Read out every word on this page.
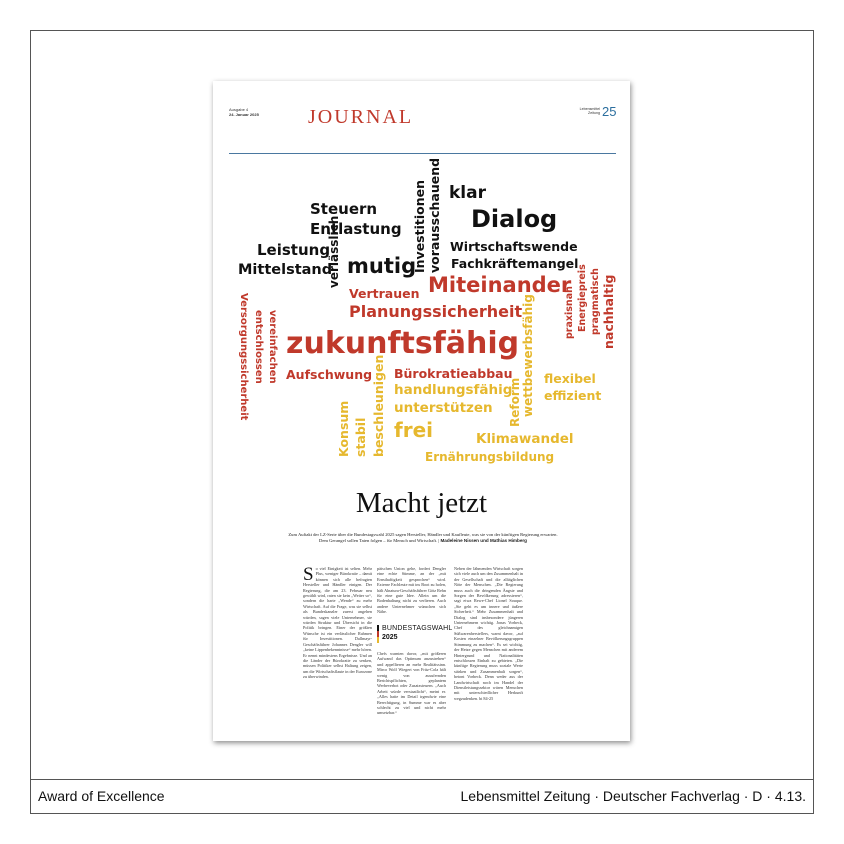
Award of Excellence	Lebensmittel Zeitung · Deutscher Fachverlag · D · 4.13.
Ausgabe 4
24. Januar 2025 JOURNAL	Lebensmittel
Zeitung 25
Steuern
Entlastung
Leistung
Mittelstand
verlässlich mutig
Investitionen vorausschauend klar
Dialog
Wirtschaftswende
Fachkräftemangel
Vertrauen Miteinander
Planungssicherheit
Versorgungssicherheit entschlossen vereinfachen zukunftsfähig
praxisnah Energiepreis pragmatisch nachhaltig
Aufschwung Bürokratieabbau
handlungsfähig
unterstützen
frei
beschleunigen
Konsum stabil
wettbewerbsfähig
Reform flexibel
effizient
Klimawandel
Ernährungsbildung
Macht jetzt
Zum Auftakt der LZ-Serie über die Bundestagswahl 2025 sagen Hersteller, Händler und Kaufleute, was sie von der künftigen Regierung erwarten. Dem Gerangel sollen Taten folgen – für Mensch und Wirtschaft. | Madeleine Nissen und Mathias Himberg
S o viel Einigkeit ist selten. Mehr Plus, weniger Bürokratie – damit können sich alle befragten Hersteller und Händler einigen. Der Regierung, die am 23. Februar neu gewählt wird, raten sie kein „Weiter so“, sondern die harte „Wende“ zu mehr Wirtschaft. Auf die Frage, was sie selbst als Bundeskanzler zuerst angehen würden, sagen viele Unternehmer, sie würden Struktur und Übersicht in die Politik bringen. Einer der größten Wünsche ist ein verlässlicher Rahmen für Investitionen. Dallmayr-Geschäftsführer Johannes Dengler will „keine Lippenbekenntnisse“ mehr hören. Er nennt mindestens Ergebnisse. Und an die Länder der Bürokratie zu senken, müssen Politiker selbst Haltung zeigen, um die Wirtschaftsflaute in der Eurozone zu überwinden.
päischen Union gehe, fordert Dengler eine echte Stimme, an der „mit Ernsthaftigkeit gesprochen“ wird. Externe Fachleute mit ins Boot zu holen, hält Alnatura-Geschäftsführer Götz Rehn für eine gute Idee. Allein um die Bodenhaltung nicht zu verlieren. Auch andere Unternehmer wünschen sich Nähe.
BUNDESTAGSWAHL
2025
Chefs warnten davor, „mit größeren Aufwand das Optimum anzustreben“ und appellieren an mehr Realitätssinn. Mirco Wolf Wiegert von Fritz-Cola hält wenig von ausufernden Berichtspflichten, geplantem Werbeverbot oder Zusatzsteuern. „Auch Arbeit würde verstaatlicht“, meint er. „Alles hatte im Detail irgendwie eine Berechtigung, in Summe war es aber schlecht zu viel und nicht mehr umsetzbar.“
Neben der lähmenden Wirtschaft sorgen sich viele auch um den Zusammenhalt in der Gesellschaft und die alltäglichen Nöte der Menschen. „Die Regierung muss auch die dringenden Ängste und Sorgen der Bevölkerung adressieren“, sagt etwa Rewe-Chef Lionel Souque. „Sie geht es um innere und äußere Sicherheit.“ Mehr Zusammenhalt und Dialog sind insbesondere jüngeren Unternehmern wichtig. Jonas Vorbeck, Chef des gleichnamigen Süßwarenherstellers, warnt davor, „auf Kosten einzelner Bevölkerungsgruppen Stimmung zu machen“. Es sei wichtig, der Hetze gegen Menschen mit anderem Hintergrund und Nationalitäten entschlossen Einhalt zu gebieten. „Die künftige Regierung muss soziale Werte stärken und Zusammenhalt sorgen“, betont Vorbeck. Denn weder aus der Landwirtschaft noch im Handel der Dienstleistungssektor wären Menschen mit unterschiedlicher Herkunft wegzudenken. bi 84-25
